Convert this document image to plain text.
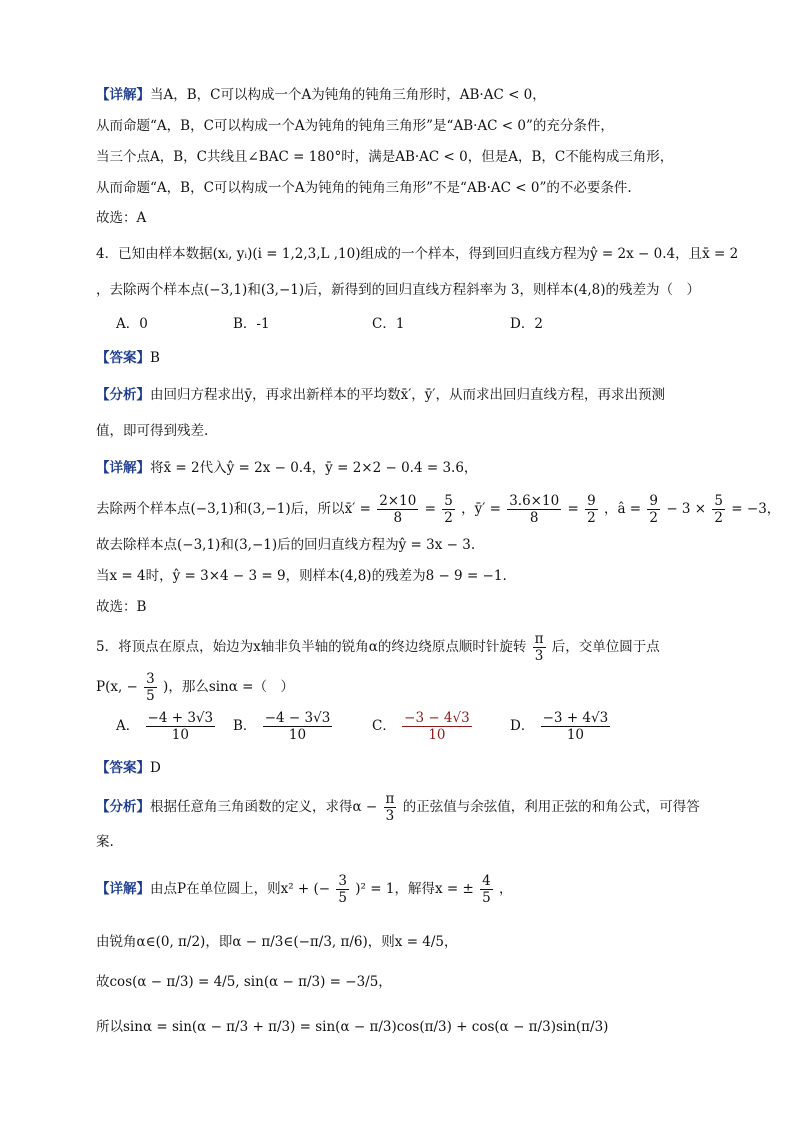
【详解】当A，B，C可以构成一个A为钝角的钝角三角形时，AB·AC < 0，
从而命题“A，B，C可以构成一个A为钝角的钝角三角形”是“AB·AC < 0”的充分条件，
当三个点A，B，C共线且∠BAC = 180°时，满是AB·AC < 0，但是A，B，C不能构成三角形，
从而命题“A，B，C可以构成一个A为钝角的钝角三角形”不是“AB·AC < 0”的不必要条件.
故选：A
4．已知由样本数据(xᵢ, yᵢ)(i = 1,2,3,L ,10)组成的一个样本，得到回归直线方程为ŷ = 2x − 0.4，且x̄ = 2
，去除两个样本点(−3,1)和(3,−1)后，新得到的回归直线方程斜率为 3，则样本(4,8)的残差为（　）
A．0	B．-1	C．1	D．2
【答案】B
【分析】由回归方程求出ȳ，再求出新样本的平均数x̄′，ȳ′，从而求出回归直线方程，再求出预测
值，即可得到残差.
【详解】将x̄ = 2代入ŷ = 2x − 0.4，ȳ = 2×2 − 0.4 = 3.6，
去除两个样本点(−3,1)和(3,−1)后，所以x̄′ = $\frac{2\times 10}{8} = \frac{5}{2}$ ，ȳ′ = $\frac{3.6\times 10}{8} = \frac{9}{2}$ ，â = $\frac{9}{2} - 3 \times \frac{5}{2} = -3$，
故去除样本点(−3,1)和(3,−1)后的回归直线方程为ŷ = 3x − 3.
当x = 4时，ŷ = 3×4 − 3 = 9，则样本(4,8)的残差为8 − 9 = −1.
故选：B
5．将顶点在原点，始边为x轴非负半轴的锐角α的终边绕原点顺时针旋转 $\frac{\pi}{3}$ 后，交单位圆于点
P(x, − $\frac{3}{5}$ )，那么sinα =（　）
A． $\frac{-4 + 3√3}{10}$ B． $\frac{-4 - 3√3}{10}$	C． $\frac{-3 - 4√3}{10}$	D． $\frac{-3 + 4√3}{10}$
【答案】D
【分析】根据任意角三角函数的定义，求得$\alpha - \frac{\pi}{3}$ 的正弦值与余弦值，利用正弦的和角公式，可得答
案.
【详解】由点P在单位圆上，则x² + (− $\frac{3}{5} )^2 = 1$，解得x = ± $\frac{4}{5}$ ，
由锐角α∈(0, π/2)，即α − π/3∈(−π/3, π/6)，则x = 4/5，
故cos(α − π/3) = 4/5, sin(α − π/3) = −3/5，
所以sinα = sin(α − π/3 + π/3) = sin(α − π/3)cos(π/3) + cos(α − π/3)sin(π/3)
